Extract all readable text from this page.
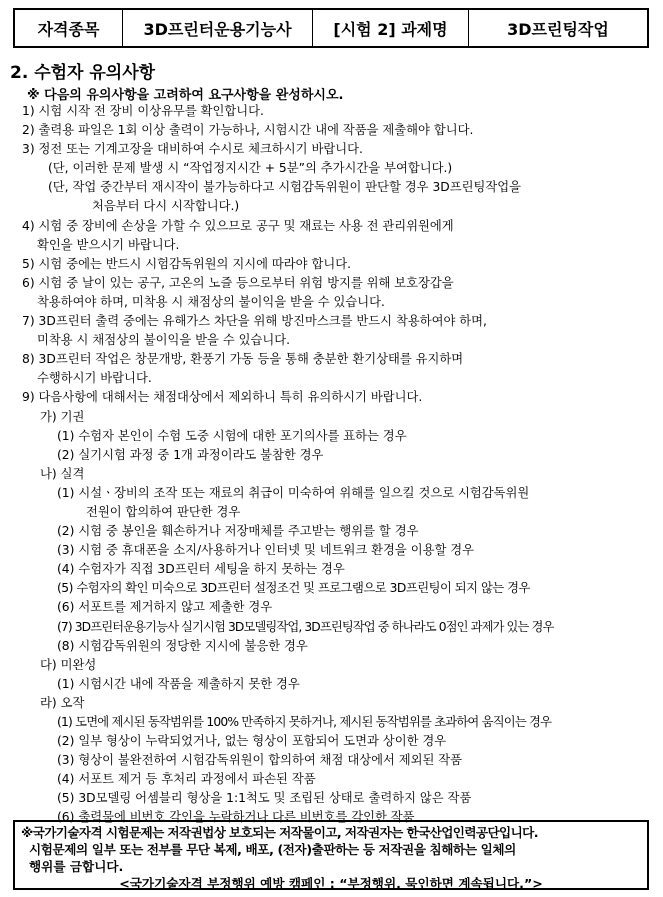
자격종목	3D프린터운용기능사	[시험 2] 과제명	3D프린팅작업
2. 수험자 유의사항
※ 다음의 유의사항을 고려하여 요구사항을 완성하시오.
1) 시험 시작 전 장비 이상유무를 확인합니다.
2) 출력용 파일은 1회 이상 출력이 가능하나, 시험시간 내에 작품을 제출해야 합니다.
3) 정전 또는 기계고장을 대비하여 수시로 체크하시기 바랍니다.
(단, 이러한 문제 발생 시 “작업정지시간 + 5분”의 추가시간을 부여합니다.)
(단, 작업 중간부터 재시작이 불가능하다고 시험감독위원이 판단할 경우 3D프린팅작업을
처음부터 다시 시작합니다.)
4) 시험 중 장비에 손상을 가할 수 있으므로 공구 및 재료는 사용 전 관리위원에게
확인을 받으시기 바랍니다.
5) 시험 중에는 반드시 시험감독위원의 지시에 따라야 합니다.
6) 시험 중 날이 있는 공구, 고온의 노즐 등으로부터 위험 방지를 위해 보호장갑을
착용하여야 하며, 미착용 시 채점상의 불이익을 받을 수 있습니다.
7) 3D프린터 출력 중에는 유해가스 차단을 위해 방진마스크를 반드시 착용하여야 하며,
미착용 시 채점상의 불이익을 받을 수 있습니다.
8) 3D프린터 작업은 창문개방, 환풍기 가동 등을 통해 충분한 환기상태를 유지하며
수행하시기 바랍니다.
9) 다음사항에 대해서는 채점대상에서 제외하니 특히 유의하시기 바랍니다.
가) 기권
(1) 수험자 본인이 수험 도중 시험에 대한 포기의사를 표하는 경우
(2) 실기시험 과정 중 1개 과정이라도 불참한 경우
나) 실격
(1) 시설ㆍ장비의 조작 또는 재료의 취급이 미숙하여 위해를 일으킬 것으로 시험감독위원
전원이 합의하여 판단한 경우
(2) 시험 중 봉인을 훼손하거나 저장매체를 주고받는 행위를 할 경우
(3) 시험 중 휴대폰을 소지/사용하거나 인터넷 및 네트워크 환경을 이용할 경우
(4) 수험자가 직접 3D프린터 세팅을 하지 못하는 경우
(5) 수험자의 확인 미숙으로 3D프린터 설정조건 및 프로그램으로 3D프린팅이 되지 않는 경우
(6) 서포트를 제거하지 않고 제출한 경우
(7) 3D프린터운용기능사 실기시험 3D모델링작업, 3D프린팅작업 중 하나라도 0점인 과제가 있는 경우
(8) 시험감독위원의 정당한 지시에 불응한 경우
다) 미완성
(1) 시험시간 내에 작품을 제출하지 못한 경우
라) 오작
(1) 도면에 제시된 동작범위를 100% 만족하지 못하거나, 제시된 동작범위를 초과하여 움직이는 경우
(2) 일부 형상이 누락되었거나, 없는 형상이 포함되어 도면과 상이한 경우
(3) 형상이 불완전하여 시험감독위원이 합의하여 채점 대상에서 제외된 작품
(4) 서포트 제거 등 후처리 과정에서 파손된 작품
(5) 3D모델링 어셈블리 형상을 1:1척도 및 조립된 상태로 출력하지 않은 작품
(6) 출력물에 비번호 각인을 누락하거나 다른 비번호를 각인한 작품
※국가기술자격 시험문제는 저작권법상 보호되는 저작물이고, 저작권자는 한국산업인력공단입니다.
시험문제의 일부 또는 전부를 무단 복제, 배포, (전자)출판하는 등 저작권을 침해하는 일체의
행위를 금합니다.
<국가기술자격 부정행위 예방 캠페인 : “부정행위, 묵인하면 계속됩니다.”>
